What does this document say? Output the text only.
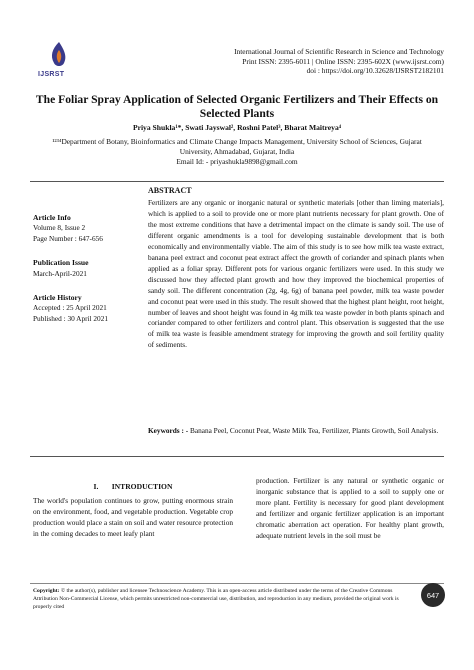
IJSRST
International Journal of Scientific Research in Science and Technology
Print ISSN: 2395-6011 | Online ISSN: 2395-602X (www.ijsrst.com)
doi : https://doi.org/10.32628/IJSRST2182101
The Foliar Spray Application of Selected Organic Fertilizers and Their Effects on Selected Plants
Priya Shukla¹*, Swati Jayswal², Roshni Patel³, Bharat Maitreya⁴
¹²³⁴Department of Botany, Bioinformatics and Climate Change Impacts Management, University School of Sciences, Gujarat University, Ahmadabad, Gujarat, India
Email Id: - priyashukla9898@gmail.com
Article Info
Volume 8, Issue 2
Page Number : 647-656
Publication Issue
March-April-2021
Article History
Accepted : 25 April 2021
Published : 30 April 2021
ABSTRACT
Fertilizers are any organic or inorganic natural or synthetic materials [other than liming materials], which is applied to a soil to provide one or more plant nutrients necessary for plant growth. One of the most extreme conditions that have a detrimental impact on the climate is sandy soil. The use of different organic amendments is a tool for developing sustainable development that is both economically and environmentally viable. The aim of this study is to see how milk tea waste extract, banana peel extract and coconut peat extract affect the growth of coriander and spinach plants when applied as a foliar spray. Different pots for various organic fertilizers were used. In this study we discussed how they affected plant growth and how they improved the biochemical properties of sandy soil. The different concentration (2g, 4g, 6g) of banana peel powder, milk tea waste powder and coconut peat were used in this study. The result showed that the highest plant height, root height, number of leaves and shoot height was found in 4g milk tea waste powder in both plants spinach and coriander compared to other fertilizers and control plant. This observation is suggested that the use of milk tea waste is feasible amendment strategy for improving the growth and soil fertility quality of sediments.
Keywords : - Banana Peel, Coconut Peat, Waste Milk Tea, Fertilizer, Plants Growth, Soil Analysis.
I.       INTRODUCTION
The world's population continues to grow, putting enormous strain on the environment, food, and vegetable production. Vegetable crop production would place a stain on soil and water resource protection in the coming decades to meet leafy plant
production. Fertilizer is any natural or synthetic organic or inorganic substance that is applied to a soil to supply one or more plant. Fertility is necessary for good plant development and fertilizer and organic fertilizer application is an important chromatic aberration act operation. For healthy plant growth, adequate nutrient levels in the soil must be
Copyright: © the author(s), publisher and licensee Technoscience Academy. This is an open-access article distributed under the terms of the Creative Commons Attribution Non-Commercial License, which permits unrestricted non-commercial use, distribution, and reproduction in any medium, provided the original work is properly cited
647
